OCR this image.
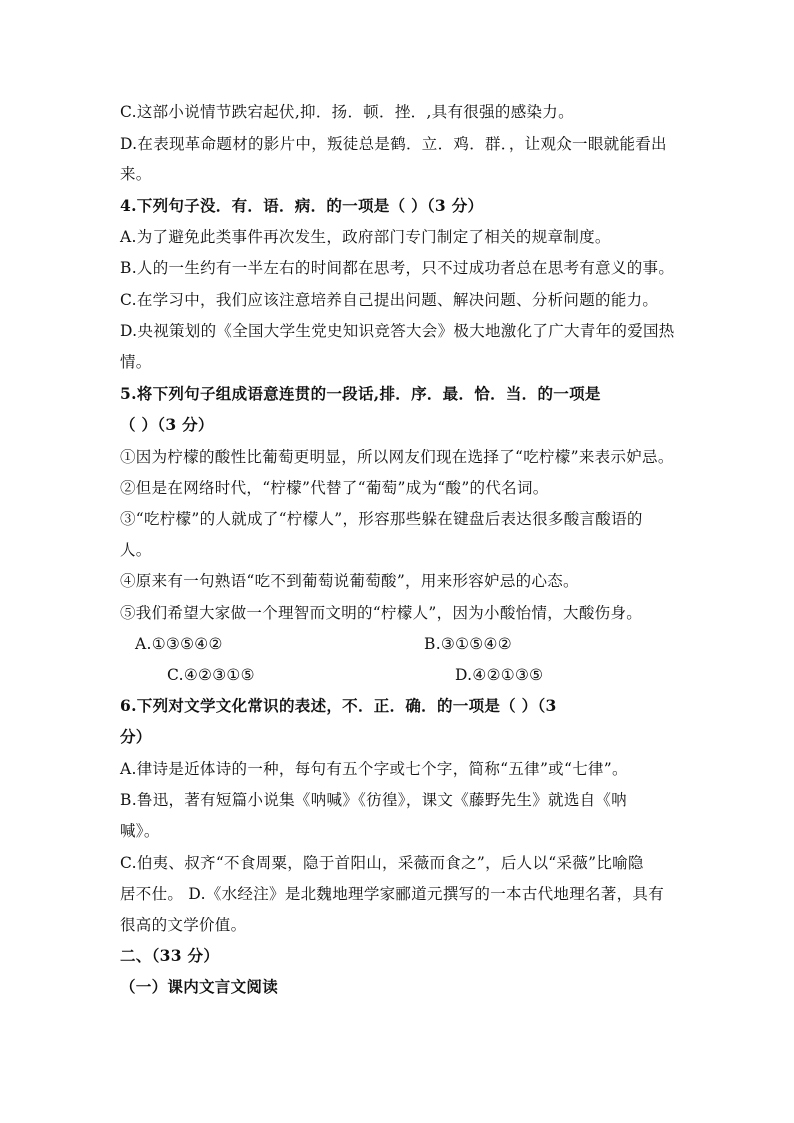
C.这部小说情节跌宕起伏,抑．扬．顿．挫．,具有很强的感染力。
D.在表现革命题材的影片中，叛徒总是鹤．立．鸡．群．，让观众一眼就能看出
来。
4.下列句子没．有．语．病．的一项是（ ）（3 分）
A.为了避免此类事件再次发生，政府部门专门制定了相关的规章制度。
B.人的一生约有一半左右的时间都在思考，只不过成功者总在思考有意义的事。
C.在学习中，我们应该注意培养自己提出问题、解决问题、分析问题的能力。
D.央视策划的《全国大学生党史知识竞答大会》极大地激化了广大青年的爱国热
情。
5.将下列句子组成语意连贯的一段话,排．序．最．恰．当．的一项是
（ ）（3 分）
①因为柠檬的酸性比葡萄更明显，所以网友们现在选择了“吃柠檬”来表示妒忌。
②但是在网络时代，“柠檬”代替了“葡萄”成为“酸”的代名词。
③“吃柠檬”的人就成了“柠檬人”，形容那些躲在键盘后表达很多酸言酸语的
人。
④原来有一句熟语“吃不到葡萄说葡萄酸”，用来形容妒忌的心态。
⑤我们希望大家做一个理智而文明的“柠檬人”，因为小酸怡情，大酸伤身。
A.①③⑤④②	B.③①⑤④②
C.④②③①⑤	D.④②①③⑤
6.下列对文学文化常识的表述，不．正．确．的一项是（ ）（3
分）
A.律诗是近体诗的一种，每句有五个字或七个字，简称“五律”或“七律”。
B.鲁迅，著有短篇小说集《呐喊》《彷徨》，课文《藤野先生》就选自《呐
喊》。
C.伯夷、叔齐“不食周粟，隐于首阳山，采薇而食之”，后人以“采薇”比喻隐
居不仕。 D.《水经注》是北魏地理学家郦道元撰写的一本古代地理名著，具有
很高的文学价值。
二、（33 分）
（一）课内文言文阅读
